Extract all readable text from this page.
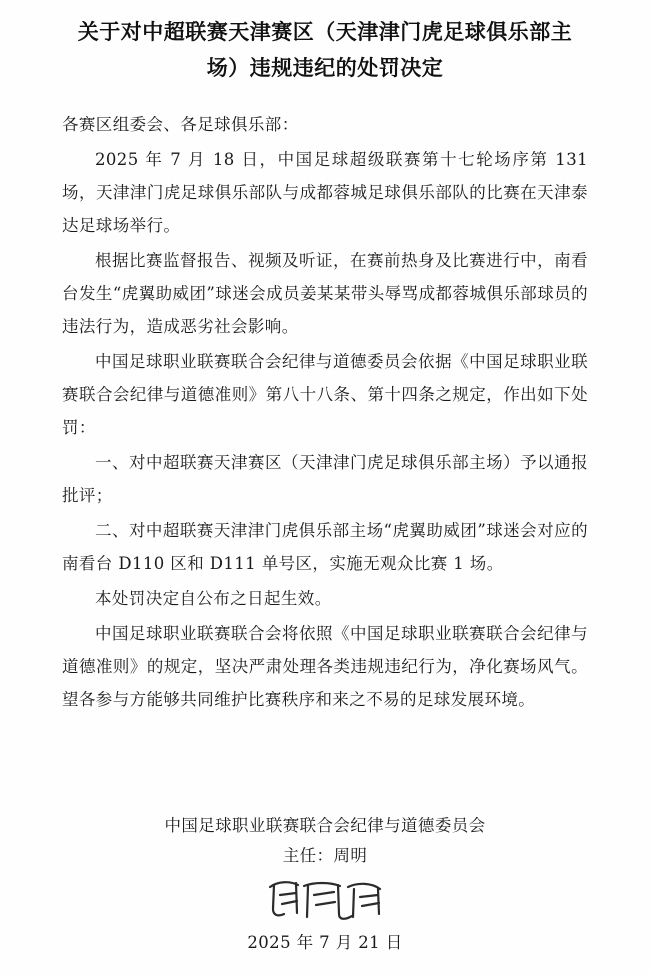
关于对中超联赛天津赛区（天津津门虎足球俱乐部主场）违规违纪的处罚决定

各赛区组委会、各足球俱乐部：

2025 年 7 月 18 日，中国足球超级联赛第十七轮场序第 131 场，天津津门虎足球俱乐部队与成都蓉城足球俱乐部队的比赛在天津泰达足球场举行。

根据比赛监督报告、视频及听证，在赛前热身及比赛进行中，南看台发生“虎翼助威团”球迷会成员姜某某带头辱骂成都蓉城俱乐部球员的违法行为，造成恶劣社会影响。

中国足球职业联赛联合会纪律与道德委员会依据《中国足球职业联赛联合会纪律与道德准则》第八十八条、第十四条之规定，作出如下处罚：

一、对中超联赛天津赛区（天津津门虎足球俱乐部主场）予以通报批评；

二、对中超联赛天津津门虎俱乐部主场“虎翼助威团”球迷会对应的南看台 D110 区和 D111 单号区，实施无观众比赛 1 场。

本处罚决定自公布之日起生效。

中国足球职业联赛联合会将依照《中国足球职业联赛联合会纪律与道德准则》的规定，坚决严肃处理各类违规违纪行为，净化赛场风气。望各参与方能够共同维护比赛秩序和来之不易的足球发展环境。

中国足球职业联赛联合会纪律与道德委员会
主任：周明
2025 年 7 月 21 日
